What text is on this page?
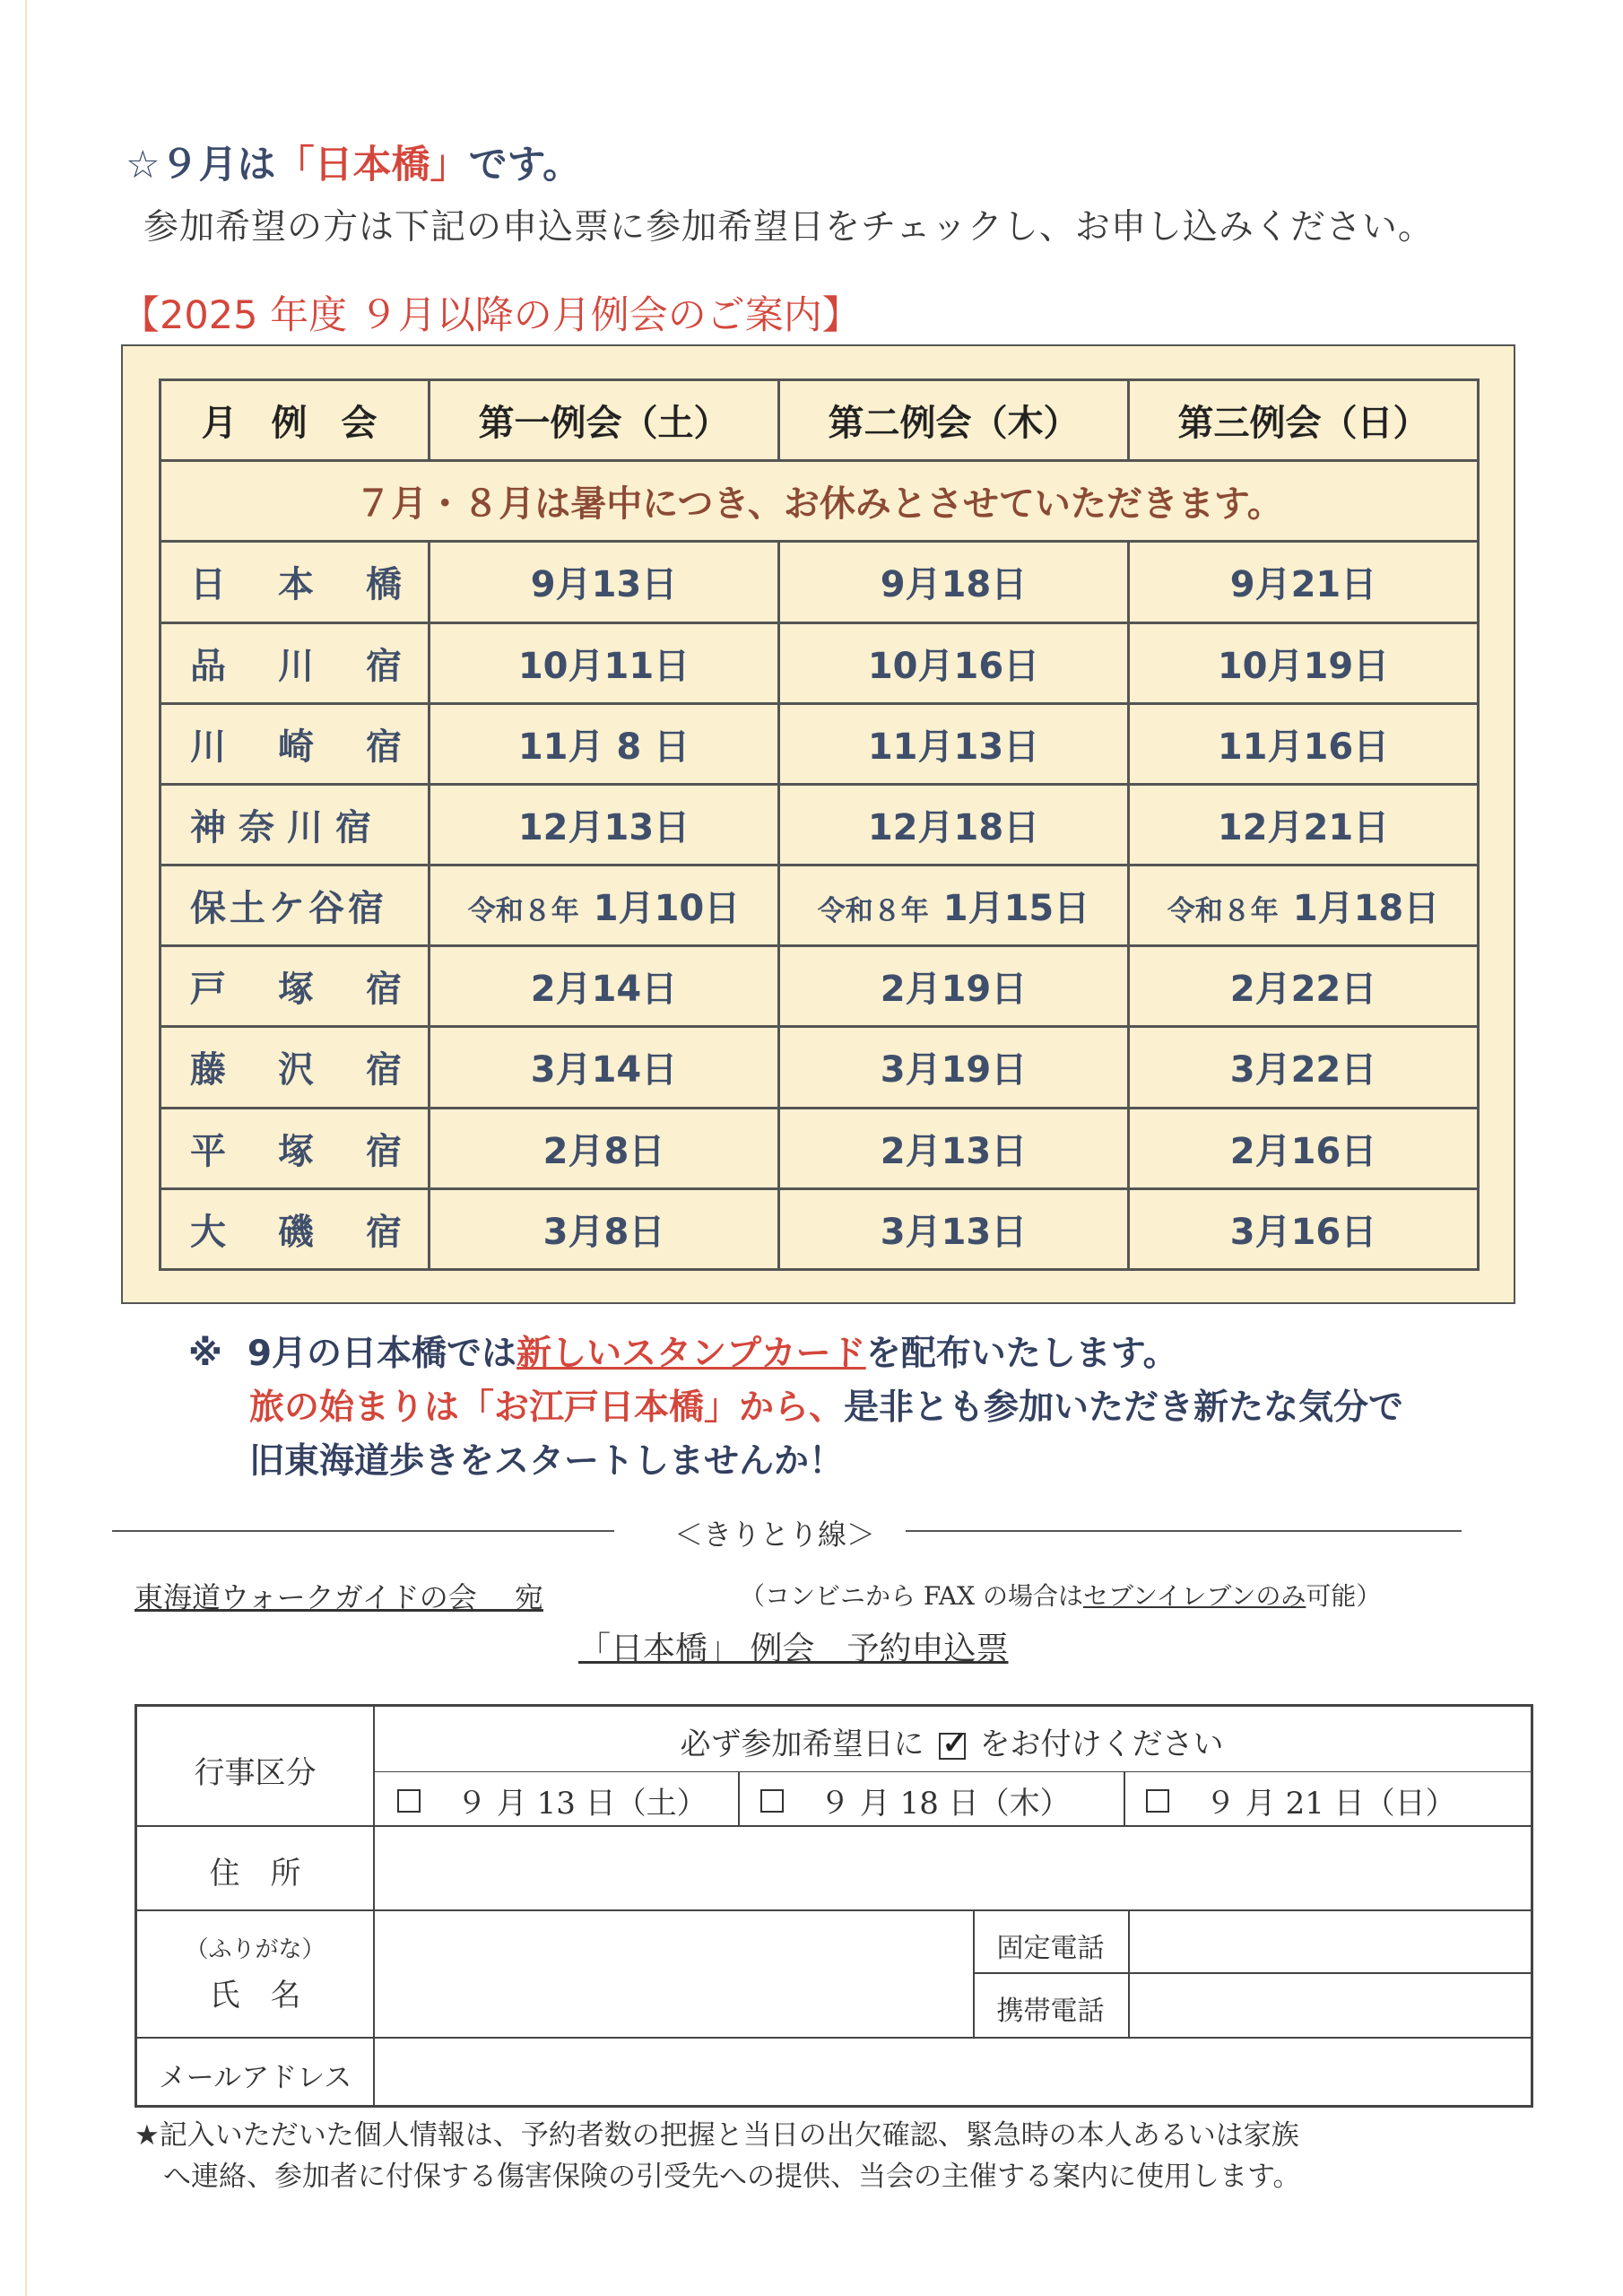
☆９月は「日本橋」です。
参加希望の方は下記の申込票に参加希望日をチェックし、お申し込みください。
【2025 年度 ９月以降の月例会のご案内】
月 例 会	第一例会（土）	第二例会（木）	第三例会（日）
７月・８月は暑中につき、お休みとさせていただきます。			
日本橋	9月13日	9月18日	9月21日
品川宿	10月11日	10月16日	10月19日
川崎宿	11月 8 日	11月13日	11月16日
神奈川宿	12月13日	12月18日	12月21日
保土ケ谷宿	令和８年 1月10日	令和８年 1月15日	令和８年 1月18日
戸塚宿	2月14日	2月19日	2月22日
藤沢宿	3月14日	3月19日	3月22日
平塚宿	2月8日	2月13日	2月16日
大磯宿	3月8日	3月13日	3月16日
※ 9月の日本橋では新しいスタンプカードを配布いたします。
旅の始まりは「お江戸日本橋」から、是非とも参加いただき新たな気分で
旧東海道歩きをスタートしませんか！
＜きりとり線＞
東海道ウォークガイドの会　 宛	（コンビニから FAX の場合はセブンイレブンのみ可能）
「日本橋」 例会　予約申込票
行事区分
必ず参加希望日に ✓ をお付けください
９ 月 13 日（土）	９ 月 18 日（木）	９ 月 21 日（日）
住　所
（ふりがな）
氏　名
固定電話
携帯電話
メールアドレス
★記入いただいた個人情報は、予約者数の把握と当日の出欠確認、緊急時の本人あるいは家族
へ連絡、参加者に付保する傷害保険の引受先への提供、当会の主催する案内に使用します。
